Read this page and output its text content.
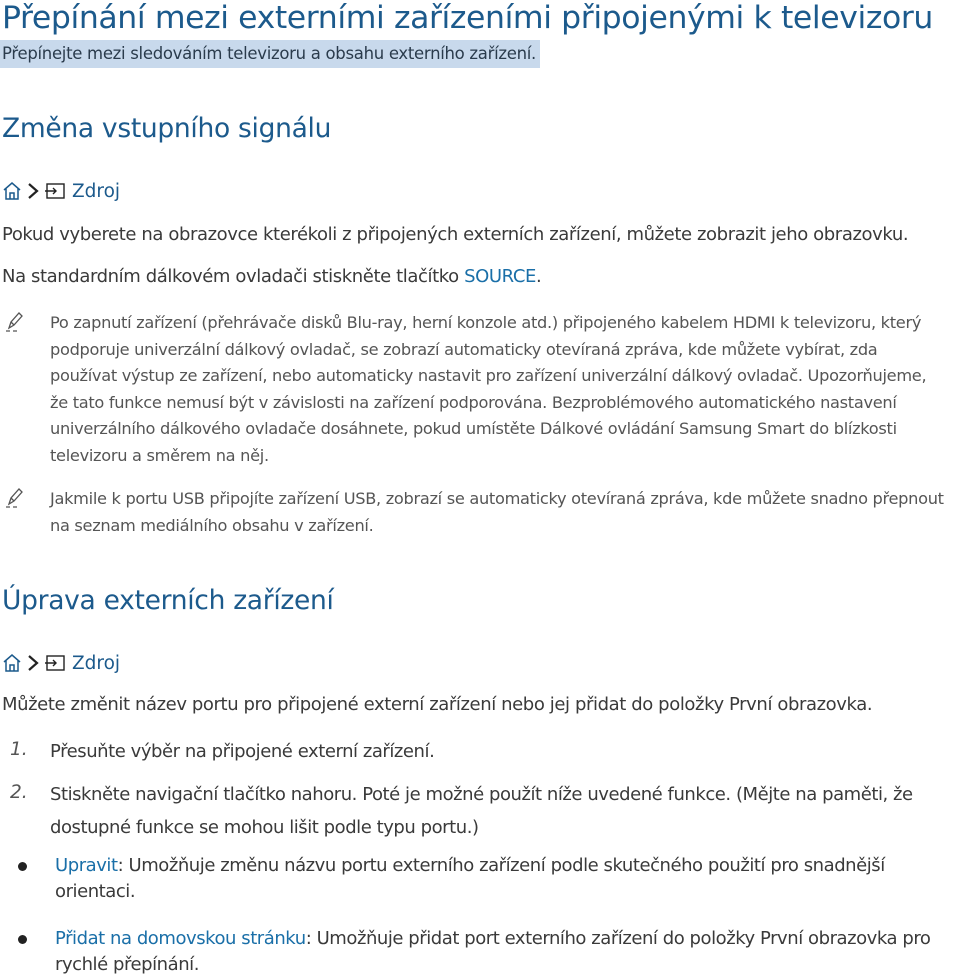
Přepínání mezi externími zařízeními připojenými k televizoru
Přepínejte mezi sledováním televizoru a obsahu externího zařízení.
Změna vstupního signálu
Zdroj
Pokud vyberete na obrazovce kterékoli z připojených externích zařízení, můžete zobrazit jeho obrazovku.
Na standardním dálkovém ovladači stiskněte tlačítko SOURCE.
Po zapnutí zařízení (přehrávače disků Blu-ray, herní konzole atd.) připojeného kabelem HDMI k televizoru, který podporuje univerzální dálkový ovladač, se zobrazí automaticky otevíraná zpráva, kde můžete vybírat, zda používat výstup ze zařízení, nebo automaticky nastavit pro zařízení univerzální dálkový ovladač. Upozorňujeme, že tato funkce nemusí být v závislosti na zařízení podporována. Bezproblémového automatického nastavení univerzálního dálkového ovladače dosáhnete, pokud umístěte Dálkové ovládání Samsung Smart do blízkosti televizoru a směrem na něj.
Jakmile k portu USB připojíte zařízení USB, zobrazí se automaticky otevíraná zpráva, kde můžete snadno přepnout na seznam mediálního obsahu v zařízení.
Úprava externích zařízení
Zdroj
Můžete změnit název portu pro připojené externí zařízení nebo jej přidat do položky První obrazovka.
1. Přesuňte výběr na připojené externí zařízení.
2. Stiskněte navigační tlačítko nahoru. Poté je možné použít níže uvedené funkce. (Mějte na paměti, že dostupné funkce se mohou lišit podle typu portu.)
Upravit: Umožňuje změnu názvu portu externího zařízení podle skutečného použití pro snadnější orientaci.
Přidat na domovskou stránku: Umožňuje přidat port externího zařízení do položky První obrazovka pro rychlé přepínání.
